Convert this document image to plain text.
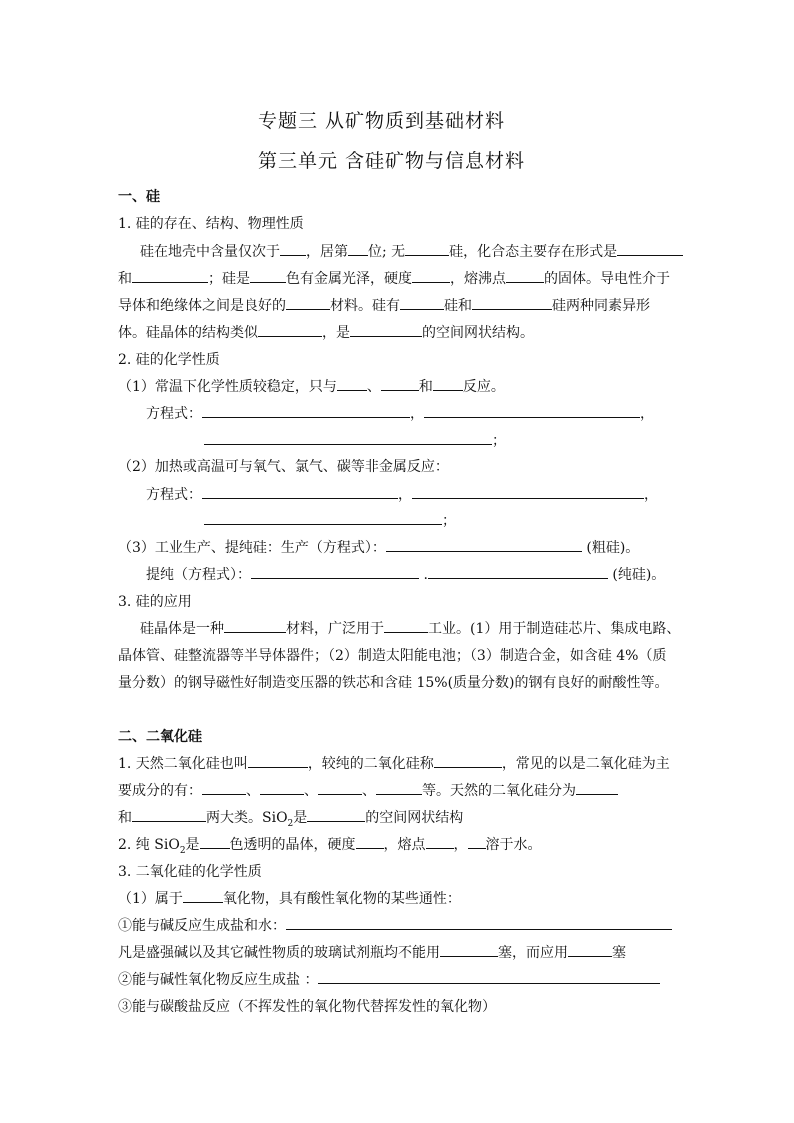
专题三 从矿物质到基础材料
第三单元 含硅矿物与信息材料
一、硅
1. 硅的存在、结构、物理性质
硅在地壳中含量仅次于 ，居第 位; 无	硅，化合态主要存在形式是
和	；硅是	色有金属光泽，硬度	，熔沸点	的固体。导电性介于
导体和绝缘体之间是良好的	材料。硅有	硅和	硅两种同素异形
体。硅晶体的结构类似	，是	的空间网状结构。
2. 硅的化学性质
（1）常温下化学性质较稳定，只与 、	和 反应。
方程式：	，	，
；
（2）加热或高温可与氧气、氯气、碳等非金属反应：
方程式：	，	，
；
（3）工业生产、提纯硅：生产（方程式）：	(粗硅)。
提纯（方程式）：	.	(纯硅)。
3. 硅的应用
硅晶体是一种	材料，广泛用于	工业。(1）用于制造硅芯片、集成电路、
晶体管、硅整流器等半导体器件；（2）制造太阳能电池；（3）制造合金，如含硅 4%（质
量分数）的钢导磁性好制造变压器的铁芯和含硅 15%(质量分数)的钢有良好的耐酸性等。
二、二氧化硅
1. 天然二氧化硅也叫	，较纯的二氧化硅称	，常见的以是二氧化硅为主
要成分的有：	、	、	、	等。天然的二氧化硅分为
和	两大类。SiO$_2$是	的空间网状结构
2. 纯 SiO$_2$是 色透明的晶体，硬度 ，熔点 ， 溶于水。
3. 二氧化硅的化学性质
（1）属于	氧化物，具有酸性氧化物的某些通性：
①能与碱反应生成盐和水：
凡是盛强碱以及其它碱性物质的玻璃试剂瓶均不能用	塞，而应用	塞
②能与碱性氧化物反应生成盐 ：
③能与碳酸盐反应（不挥发性的氧化物代替挥发性的氧化物）
